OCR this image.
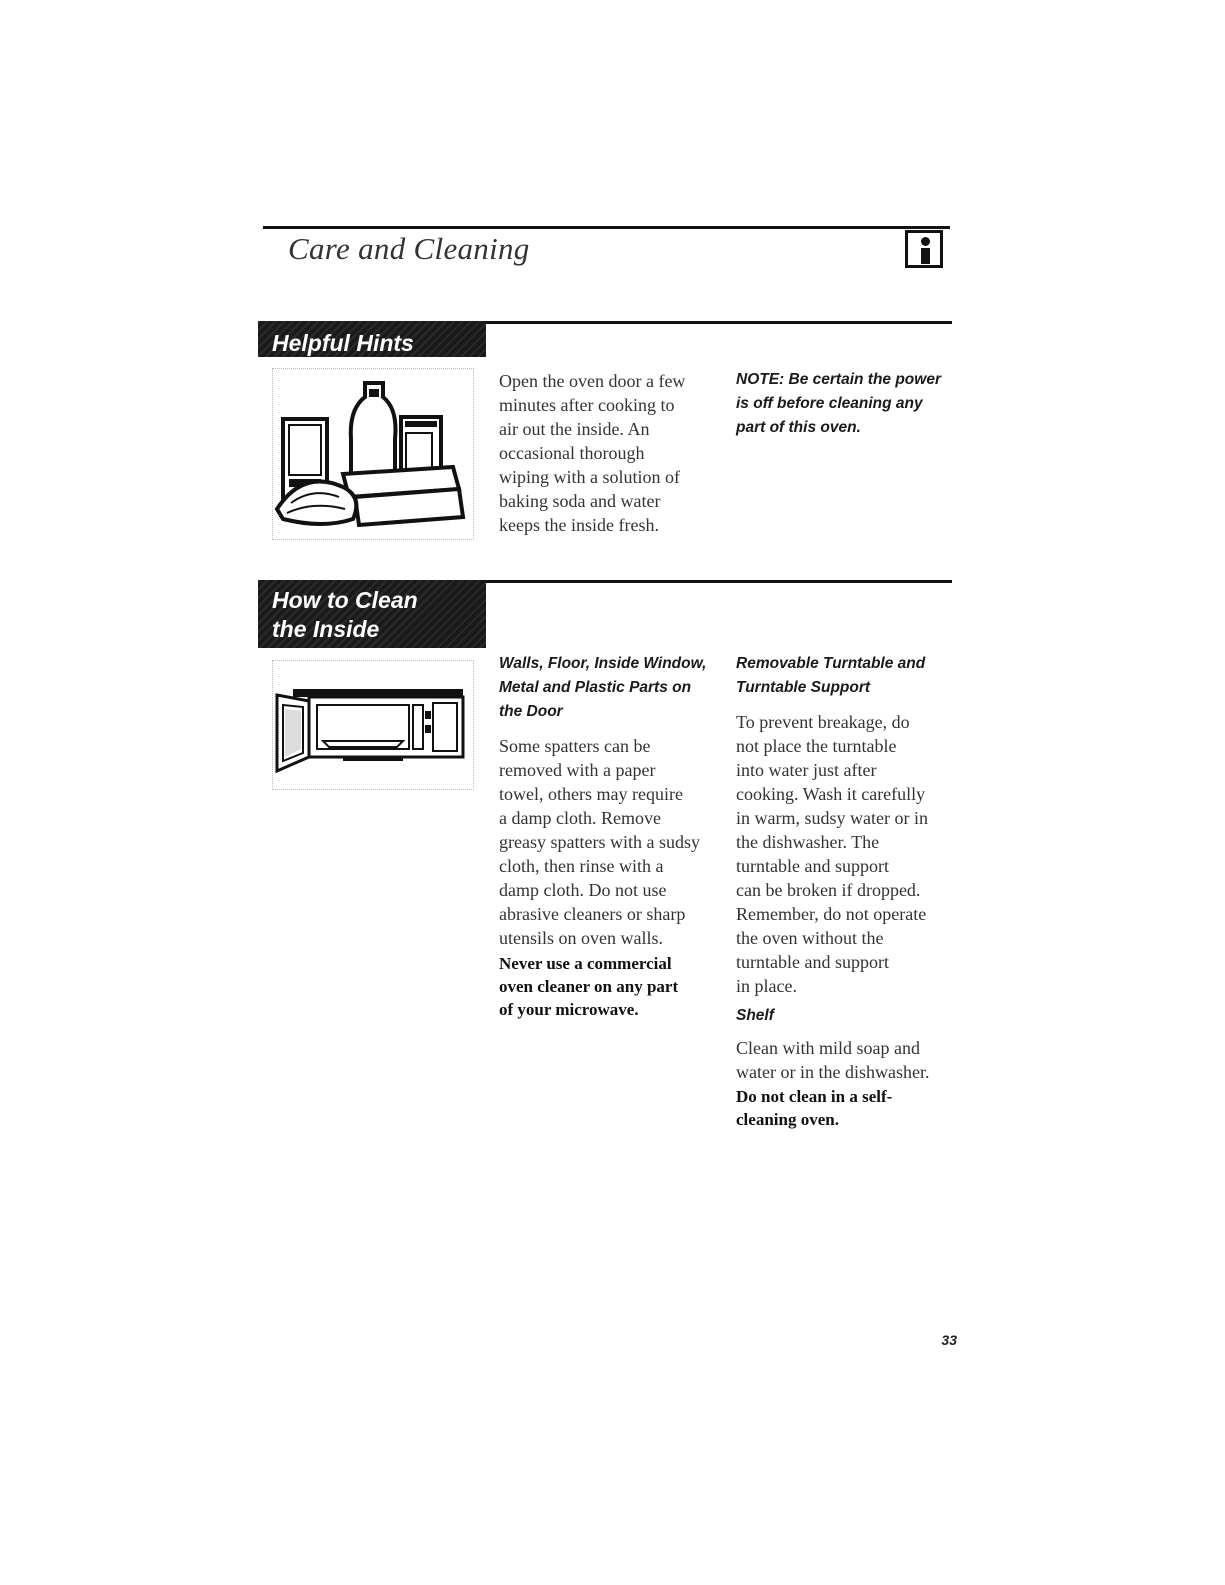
Care and Cleaning
Helpful Hints
Open the oven door a few
minutes after cooking to
air out the inside. An
occasional thorough
wiping with a solution of
baking soda and water
keeps the inside fresh.
NOTE: Be certain the power
is off before cleaning any
part of this oven.
How to Clean
the Inside
Walls, Floor, Inside Window,
Metal and Plastic Parts on
the Door
Some spatters can be
removed with a paper
towel, others may require
a damp cloth. Remove
greasy spatters with a sudsy
cloth, then rinse with a
damp cloth. Do not use
abrasive cleaners or sharp
utensils on oven walls.
Never use a commercial
oven cleaner on any part
of your microwave.
Removable Turntable and
Turntable Support
To prevent breakage, do
not place the turntable
into water just after
cooking. Wash it carefully
in warm, sudsy water or in
the dishwasher. The
turntable and support
can be broken if dropped.
Remember, do not operate
the oven without the
turntable and support
in place.
Shelf
Clean with mild soap and
water or in the dishwasher.
Do not clean in a self-
cleaning oven.
33
